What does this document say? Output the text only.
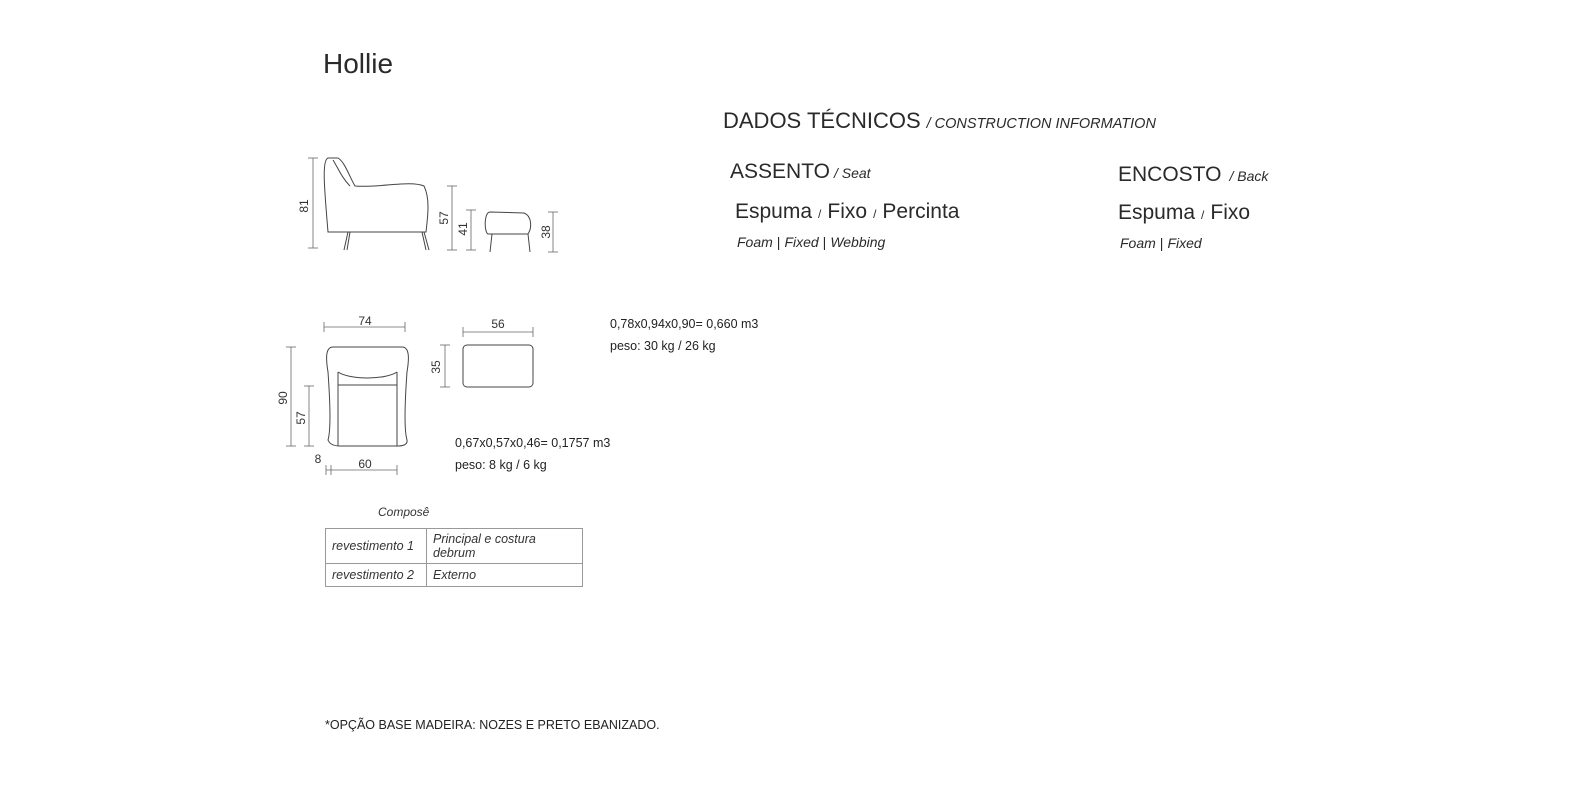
Hollie
DADOS TÉCNICOS / CONSTRUCTION INFORMATION
ASSENTO / Seat
Espuma / Fixo / Percinta
Foam | Fixed | Webbing
ENCOSTO / Back
Espuma / Fixo
Foam | Fixed
81
57
41	38
74	56
35
90
57
8	60
0,78x0,94x0,90= 0,660 m3
peso: 30 kg / 26 kg
0,67x0,57x0,46= 0,1757 m3
peso: 8 kg / 6 kg
Composê
revestimento 1	Principal e costura debrum
revestimento 2	Externo
*OPÇÃO BASE MADEIRA: NOZES E PRETO EBANIZADO.
